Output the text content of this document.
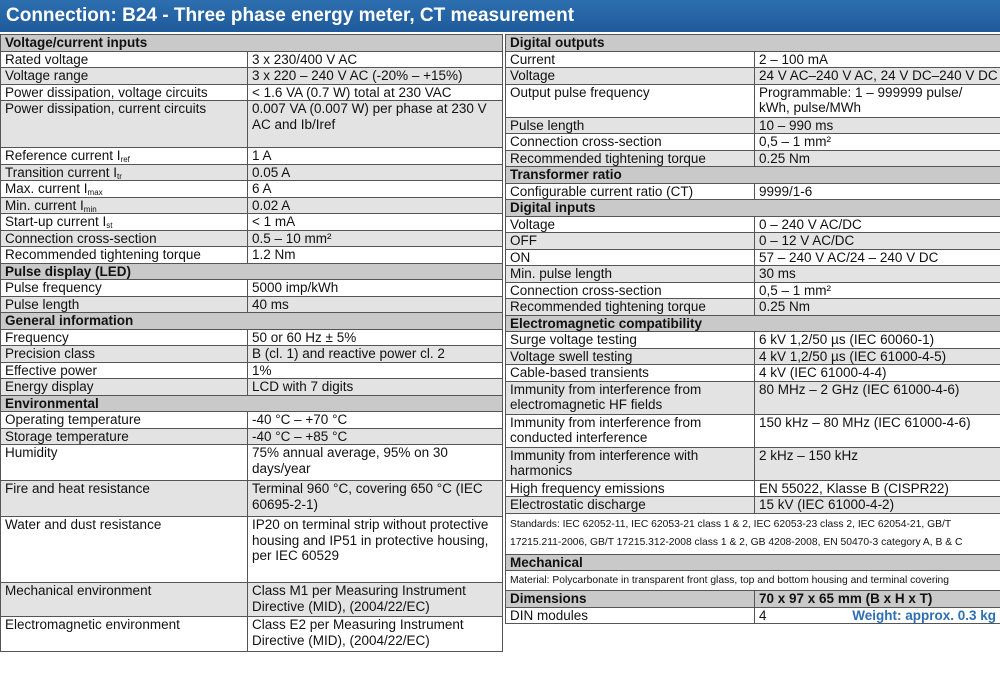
Connection: B24 - Three phase energy meter, CT measurement
Voltage/current inputs	
Rated voltage	3 x 230/400 V AC
Voltage range	3 x 220 – 240 V AC (-20% – +15%)
Power dissipation, voltage circuits	< 1.6 VA (0.7 W) total at 230 VAC
Power dissipation, current circuits	0.007 VA (0.007 W) per phase at 230 V AC and Ib/Iref
Reference current $I_{ref}$	1 A
Transition current $I_{tr}$	0.05 A
Max. current $I_{max}$	6 A
Min. current $I_{min}$	0.02 A
Start-up current $I_{st}$	< 1 mA
Connection cross-section	0.5 – 10 mm²
Recommended tightening torque	1.2 Nm
Pulse display (LED)	
Pulse frequency	5000 imp/kWh
Pulse length	40 ms
General information	
Frequency	50 or 60 Hz ± 5%
Precision class	B (cl. 1) and reactive power cl. 2
Effective power	1%
Energy display	LCD with 7 digits
Environmental	
Operating temperature	-40 °C – +70 °C
Storage temperature	-40 °C – +85 °C
Humidity	75% annual average, 95% on 30 days/year
Fire and heat resistance	Terminal 960 °C, covering 650 °C (IEC 60695-2-1)
Water and dust resistance	IP20 on terminal strip without protective housing and IP51 in protective housing, per IEC 60529
Mechanical environment	Class M1 per Measuring Instrument Directive (MID), (2004/22/EC)
Electromagnetic environment	Class E2 per Measuring Instrument Directive (MID), (2004/22/EC)
Digital outputs	
Current	2 – 100 mA
Voltage	24 V AC–240 V AC, 24 V DC–240 V DC
Output pulse frequency	Programmable: 1 – 999999 pulse/ kWh, pulse/MWh
Pulse length	10 – 990 ms
Connection cross-section	0,5 – 1 mm²
Recommended tightening torque	0.25 Nm
Transformer ratio	
Configurable current ratio (CT)	9999/1-6
Digital inputs	
Voltage	0 – 240 V AC/DC
OFF	0 – 12 V AC/DC
ON	57 – 240 V AC/24 – 240 V DC
Min. pulse length	30 ms
Connection cross-section	0,5 – 1 mm²
Recommended tightening torque	0.25 Nm
Electromagnetic compatibility	
Surge voltage testing	6 kV 1,2/50 µs (IEC 60060-1)
Voltage swell testing	4 kV 1,2/50 µs (IEC 61000-4-5)
Cable-based transients	4 kV (IEC 61000-4-4)
Immunity from interference from electromagnetic HF fields	80 MHz – 2 GHz (IEC 61000-4-6)
Immunity from interference from conducted interference	150 kHz – 80 MHz (IEC 61000-4-6)
Immunity from interference with harmonics	2 kHz – 150 kHz
High frequency emissions	EN 55022, Klasse B (CISPR22)
Electrostatic discharge	15 kV (IEC 61000-4-2)
Standards: IEC 62052-11, IEC 62053-21 class 1 & 2, IEC 62053-23 class 2, IEC 62054-21, GB/T 17215.211-2006, GB/T 17215.312-2008 class 1 & 2, GB 4208-2008, EN 50470-3 category A, B & C	
Mechanical	
Material: Polycarbonate in transparent front glass, top and bottom housing and terminal covering	
Dimensions	70 x 97 x 65 mm (B x H x T)
DIN modules	4 Weight: approx. 0.3 kg
